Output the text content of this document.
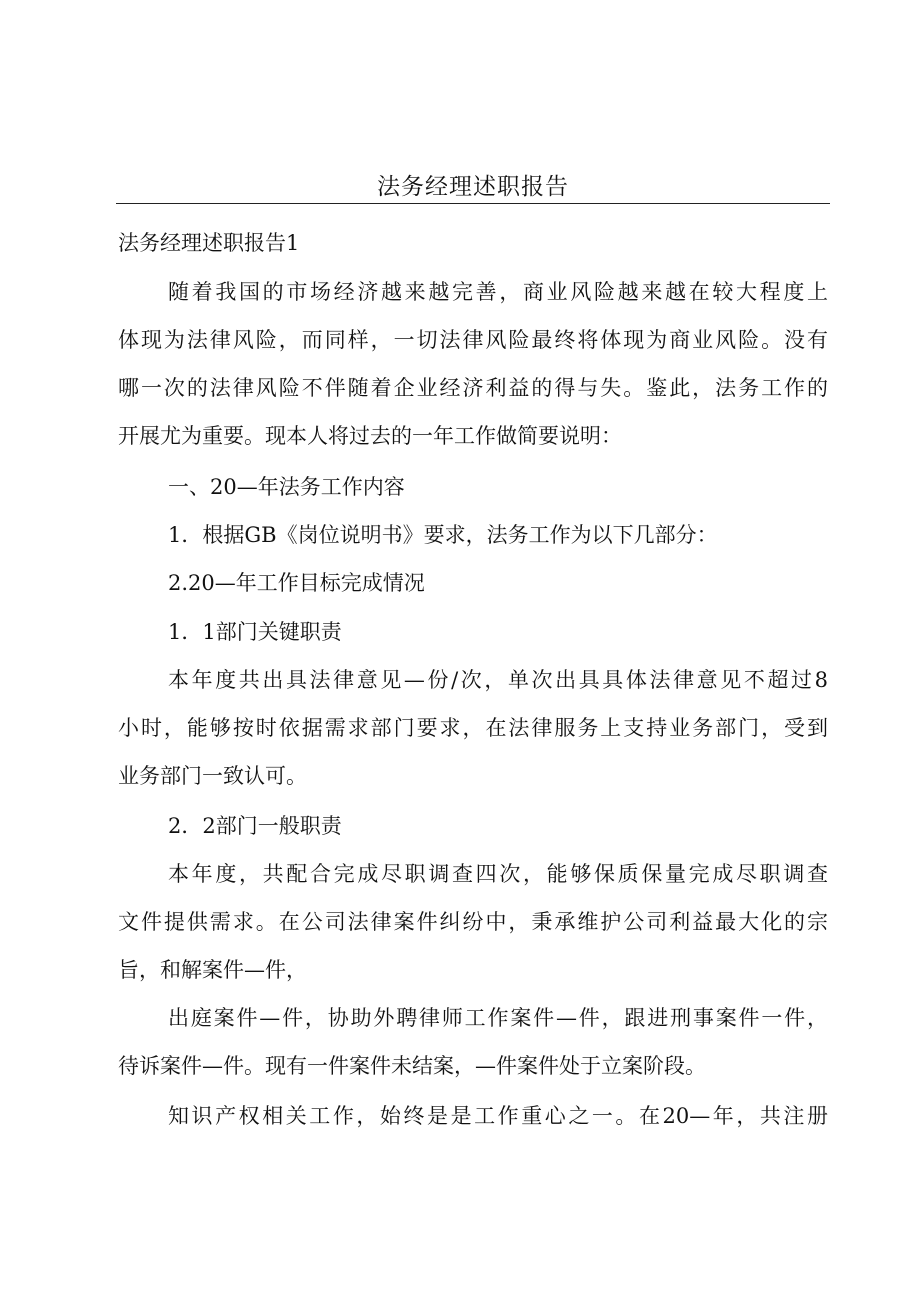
法务经理述职报告
法务经理述职报告1
随着我国的市场经济越来越完善，商业风险越来越在较大程度上
体现为法律风险，而同样，一切法律风险最终将体现为商业风险。没有
哪一次的法律风险不伴随着企业经济利益的得与失。鉴此，法务工作的
开展尤为重要。现本人将过去的一年工作做简要说明：
一、20—年法务工作内容
1．根据GB《岗位说明书》要求，法务工作为以下几部分：
2.20—年工作目标完成情况
1．1部门关键职责
本年度共出具法律意见—份/次，单次出具具体法律意见不超过8
小时，能够按时依据需求部门要求，在法律服务上支持业务部门，受到
业务部门一致认可。
2．2部门一般职责
本年度，共配合完成尽职调查四次，能够保质保量完成尽职调查
文件提供需求。在公司法律案件纠纷中，秉承维护公司利益最大化的宗
旨，和解案件—件，
出庭案件—件，协助外聘律师工作案件—件，跟进刑事案件一件，
待诉案件—件。现有一件案件未结案，—件案件处于立案阶段。
知识产权相关工作，始终是是工作重心之一。在20—年，共注册
